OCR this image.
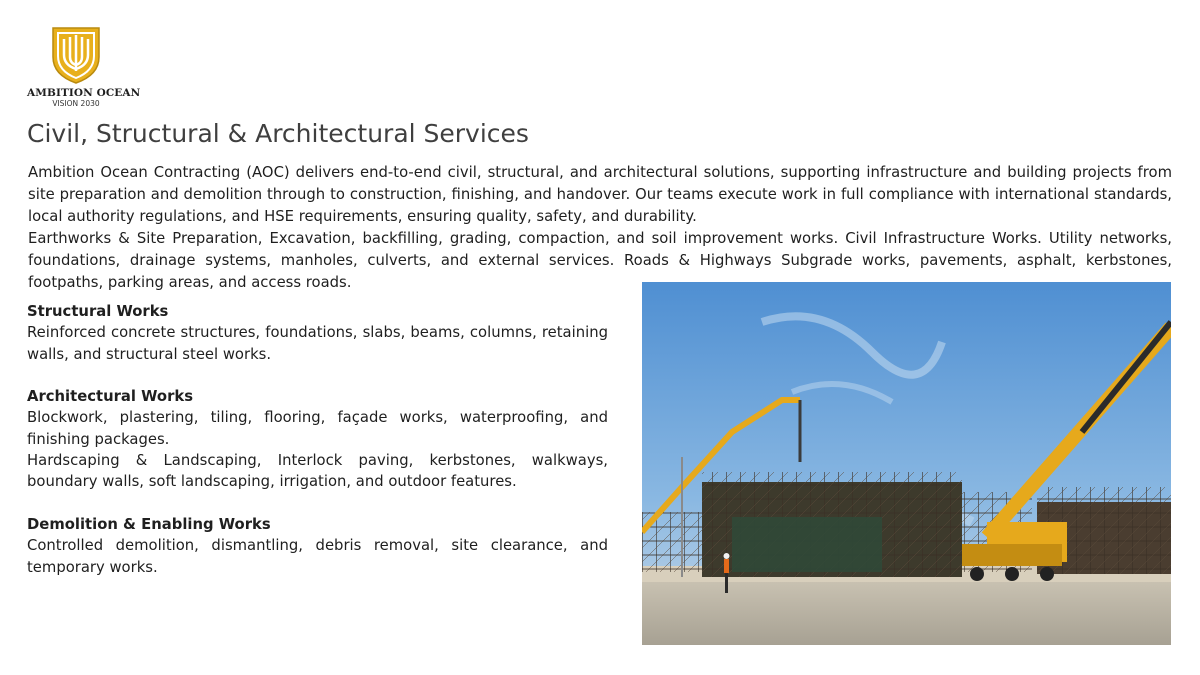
AMBITION OCEAN
VISION 2030
Civil, Structural & Architectural Services

Ambition Ocean Contracting (AOC) delivers end-to-end civil, structural, and architectural solutions, supporting infrastructure and building projects from site preparation and demolition through to construction, finishing, and handover. Our teams execute work in full compliance with international standards, local authority regulations, and HSE requirements, ensuring quality, safety, and durability.

Earthworks & Site Preparation, Excavation, backfilling, grading, compaction, and soil improvement works. Civil Infrastructure Works. Utility networks, foundations, drainage systems, manholes, culverts, and external services. Roads & Highways Subgrade works, pavements, asphalt, kerbstones, footpaths, parking areas, and access roads.

Structural Works

Reinforced concrete structures, foundations, slabs, beams, columns, retaining walls, and structural steel works.

Architectural Works

Blockwork, plastering, tiling, flooring, façade works, waterproofing, and finishing packages.

Hardscaping & Landscaping, Interlock paving, kerbstones, walkways, boundary walls, soft landscaping, irrigation, and outdoor features.

Demolition & Enabling Works

Controlled demolition, dismantling, debris removal, site clearance, and temporary works.
